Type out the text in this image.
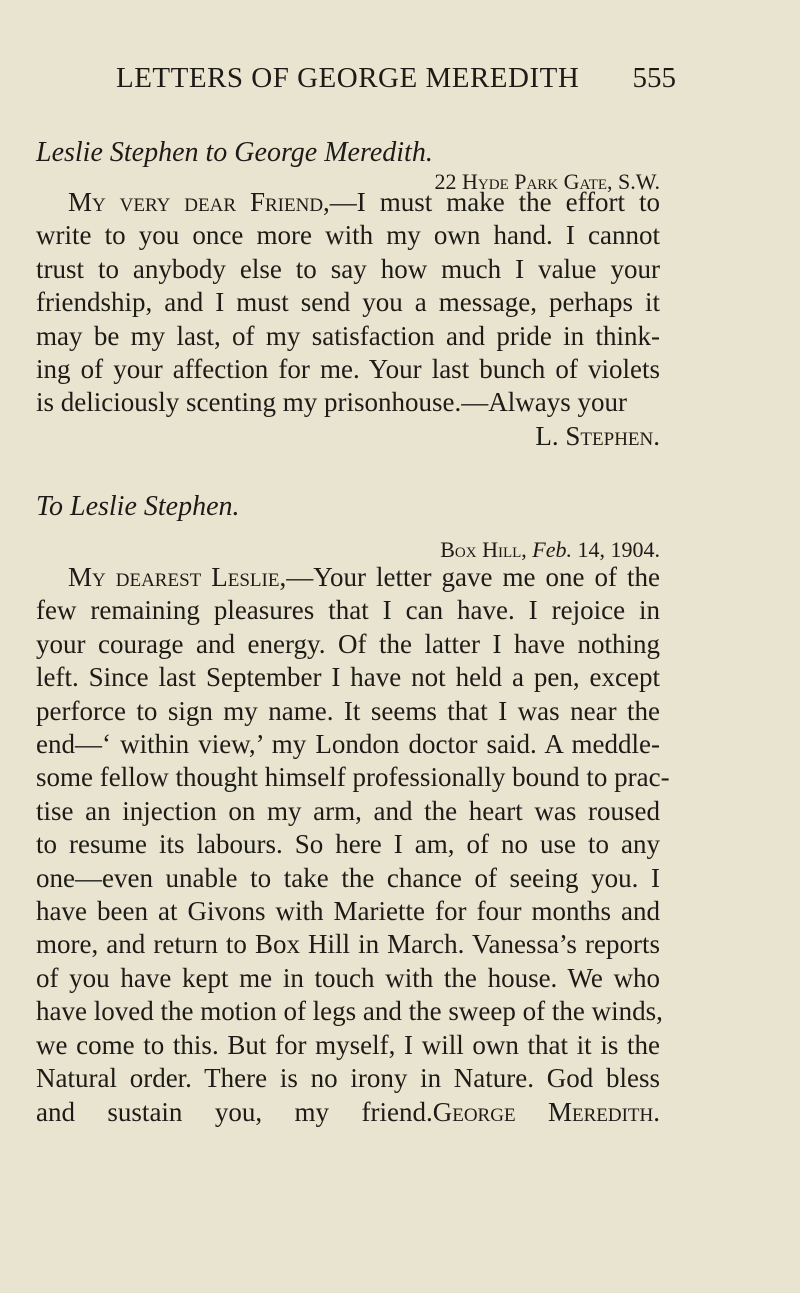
LETTERS OF GEORGE MEREDITH 555
Leslie Stephen to George Meredith.
22 Hyde Park Gate, S.W.
My very dear Friend,—I must make the effort to
write to you once more with my own hand. I cannot
trust to anybody else to say how much I value your
friendship, and I must send you a message, perhaps it
may be my last, of my satisfaction and pride in think-
ing of your affection for me. Your last bunch of violets
is deliciously scenting my prisonhouse.—Always your
L. Stephen.
To Leslie Stephen.
Box Hill, Feb. 14, 1904.
My dearest Leslie,—Your letter gave me one of the
few remaining pleasures that I can have. I rejoice in
your courage and energy. Of the latter I have nothing
left. Since last September I have not held a pen, except
perforce to sign my name. It seems that I was near the
end—‘ within view,’ my London doctor said. A meddle-
some fellow thought himself professionally bound to prac-
tise an injection on my arm, and the heart was roused
to resume its labours. So here I am, of no use to any
one—even unable to take the chance of seeing you. I
have been at Givons with Mariette for four months and
more, and return to Box Hill in March. Vanessa’s reports
of you have kept me in touch with the house. We who
have loved the motion of legs and the sweep of the winds,
we come to this. But for myself, I will own that it is the
Natural order. There is no irony in Nature. God bless
and sustain you, my friend.George Meredith.
